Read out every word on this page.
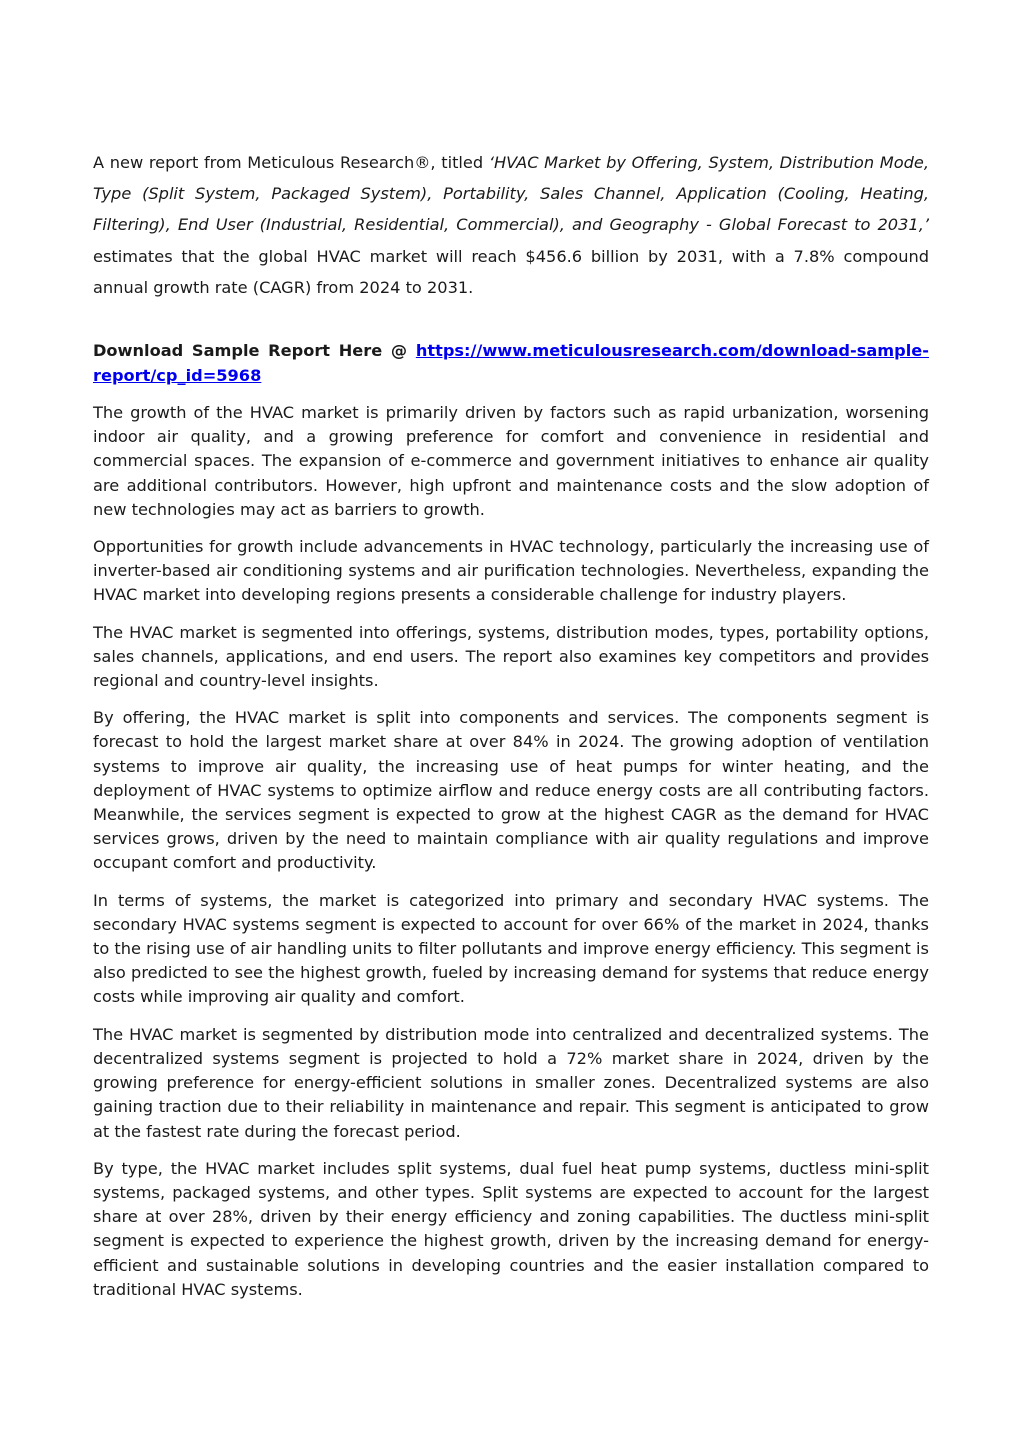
A new report from Meticulous Research®, titled ‘HVAC Market by Offering, System, Distribution Mode, Type (Split System, Packaged System), Portability, Sales Channel, Application (Cooling, Heating, Filtering), End User (Industrial, Residential, Commercial), and Geography - Global Forecast to 2031,’ estimates that the global HVAC market will reach $456.6 billion by 2031, with a 7.8% compound annual growth rate (CAGR) from 2024 to 2031.

Download Sample Report Here @ https://www.meticulousresearch.com/download-sample-report/cp_id=5968

The growth of the HVAC market is primarily driven by factors such as rapid urbanization, worsening indoor air quality, and a growing preference for comfort and convenience in residential and commercial spaces. The expansion of e-commerce and government initiatives to enhance air quality are additional contributors. However, high upfront and maintenance costs and the slow adoption of new technologies may act as barriers to growth.

Opportunities for growth include advancements in HVAC technology, particularly the increasing use of inverter-based air conditioning systems and air purification technologies. Nevertheless, expanding the HVAC market into developing regions presents a considerable challenge for industry players.

The HVAC market is segmented into offerings, systems, distribution modes, types, portability options, sales channels, applications, and end users. The report also examines key competitors and provides regional and country-level insights.

By offering, the HVAC market is split into components and services. The components segment is forecast to hold the largest market share at over 84% in 2024. The growing adoption of ventilation systems to improve air quality, the increasing use of heat pumps for winter heating, and the deployment of HVAC systems to optimize airflow and reduce energy costs are all contributing factors. Meanwhile, the services segment is expected to grow at the highest CAGR as the demand for HVAC services grows, driven by the need to maintain compliance with air quality regulations and improve occupant comfort and productivity.

In terms of systems, the market is categorized into primary and secondary HVAC systems. The secondary HVAC systems segment is expected to account for over 66% of the market in 2024, thanks to the rising use of air handling units to filter pollutants and improve energy efficiency. This segment is also predicted to see the highest growth, fueled by increasing demand for systems that reduce energy costs while improving air quality and comfort.

The HVAC market is segmented by distribution mode into centralized and decentralized systems. The decentralized systems segment is projected to hold a 72% market share in 2024, driven by the growing preference for energy-efficient solutions in smaller zones. Decentralized systems are also gaining traction due to their reliability in maintenance and repair. This segment is anticipated to grow at the fastest rate during the forecast period.

By type, the HVAC market includes split systems, dual fuel heat pump systems, ductless mini-split systems, packaged systems, and other types. Split systems are expected to account for the largest share at over 28%, driven by their energy efficiency and zoning capabilities. The ductless mini-split segment is expected to experience the highest growth, driven by the increasing demand for energy-efficient and sustainable solutions in developing countries and the easier installation compared to traditional HVAC systems.
